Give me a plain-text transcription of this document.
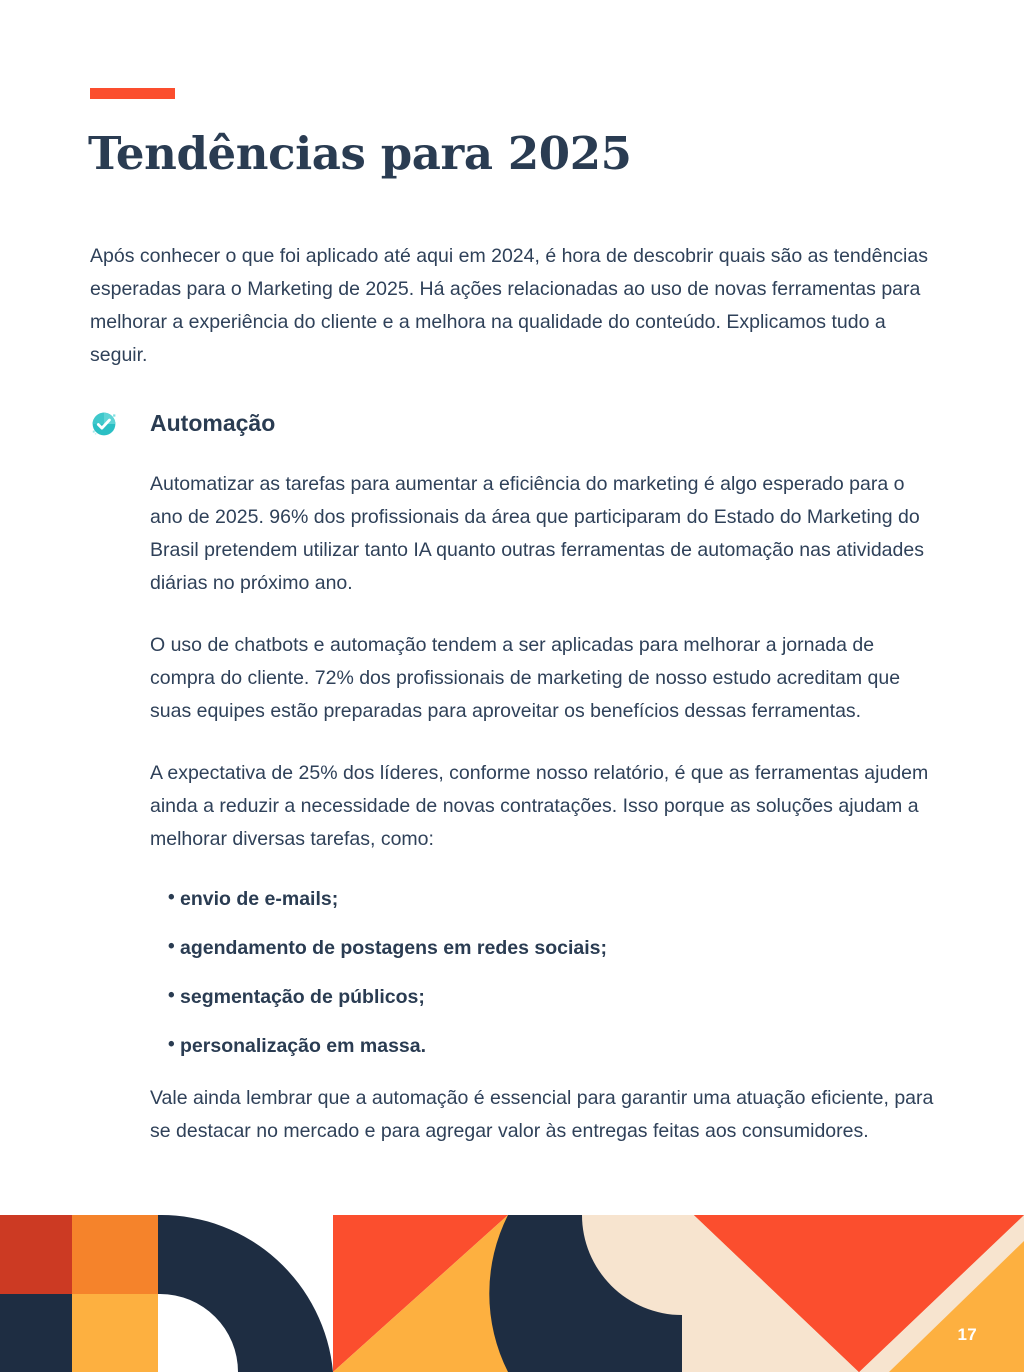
Tendências para 2025

Após conhecer o que foi aplicado até aqui em 2024, é hora de descobrir quais são as tendências esperadas para o Marketing de 2025. Há ações relacionadas ao uso de novas ferramentas para melhorar a experiência do cliente e a melhora na qualidade do conteúdo. Explicamos tudo a seguir.

Automação

Automatizar as tarefas para aumentar a eficiência do marketing é algo esperado para o ano de 2025. 96% dos profissionais da área que participaram do Estado do Marketing do Brasil pretendem utilizar tanto IA quanto outras ferramentas de automação nas atividades diárias no próximo ano.

O uso de chatbots e automação tendem a ser aplicadas para melhorar a jornada de compra do cliente. 72% dos profissionais de marketing de nosso estudo acreditam que suas equipes estão preparadas para aproveitar os benefícios dessas ferramentas.

A expectativa de 25% dos líderes, conforme nosso relatório, é que as ferramentas ajudem ainda a reduzir a necessidade de novas contratações. Isso porque as soluções ajudam a melhorar diversas tarefas, como:

• envio de e-mails;
• agendamento de postagens em redes sociais;
• segmentação de públicos;
• personalização em massa.

Vale ainda lembrar que a automação é essencial para garantir uma atuação eficiente, para se destacar no mercado e para agregar valor às entregas feitas aos consumidores.

17
